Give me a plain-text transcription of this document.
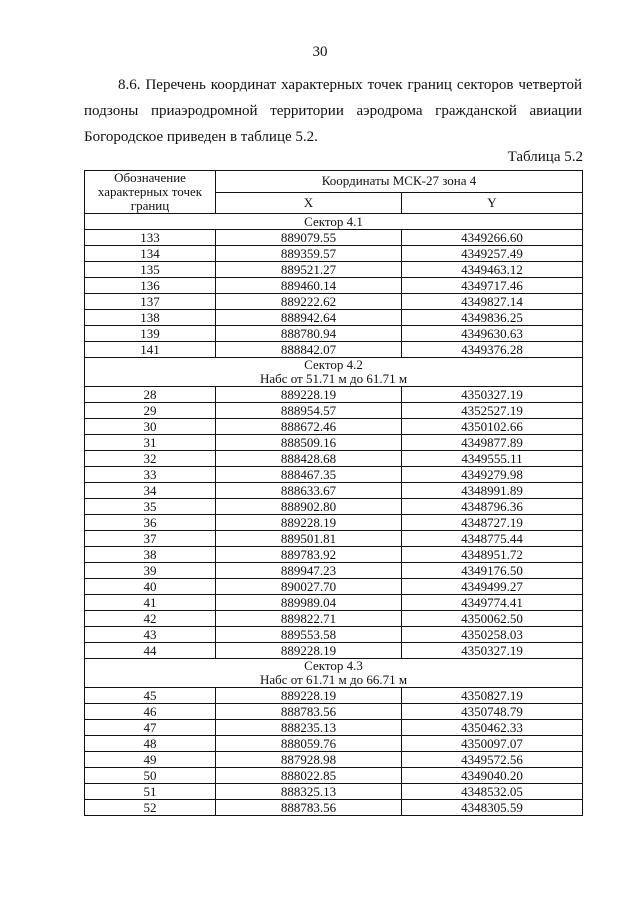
30
8.6. Перечень координат характерных точек границ секторов четвертой
подзоны приаэродромной территории аэродрома гражданской авиации
Богородское приведен в таблице 5.2.
Таблица 5.2
Обозначение характерных точек границ	Координаты МСК-27 зона 4	
	X	Y

Сектор 4.1		

133	889079.55	4349266.60
134	889359.57	4349257.49
135	889521.27	4349463.12
136	889460.14	4349717.46
137	889222.62	4349827.14
138	888942.64	4349836.25
139	888780.94	4349630.63
141	888842.07	4349376.28

Сектор 4.2
Набс от 51.71 м до 61.71 м		

28	889228.19	4350327.19
29	888954.57	4352527.19
30	888672.46	4350102.66
31	888509.16	4349877.89
32	888428.68	4349555.11
33	888467.35	4349279.98
34	888633.67	4348991.89
35	888902.80	4348796.36
36	889228.19	4348727.19
37	889501.81	4348775.44
38	889783.92	4348951.72
39	889947.23	4349176.50
40	890027.70	4349499.27
41	889989.04	4349774.41
42	889822.71	4350062.50
43	889553.58	4350258.03
44	889228.19	4350327.19

Сектор 4.3
Набс от 61.71 м до 66.71 м		

45	889228.19	4350827.19
46	888783.56	4350748.79
47	888235.13	4350462.33
48	888059.76	4350097.07
49	887928.98	4349572.56
50	888022.85	4349040.20
51	888325.13	4348532.05
52	888783.56	4348305.59
